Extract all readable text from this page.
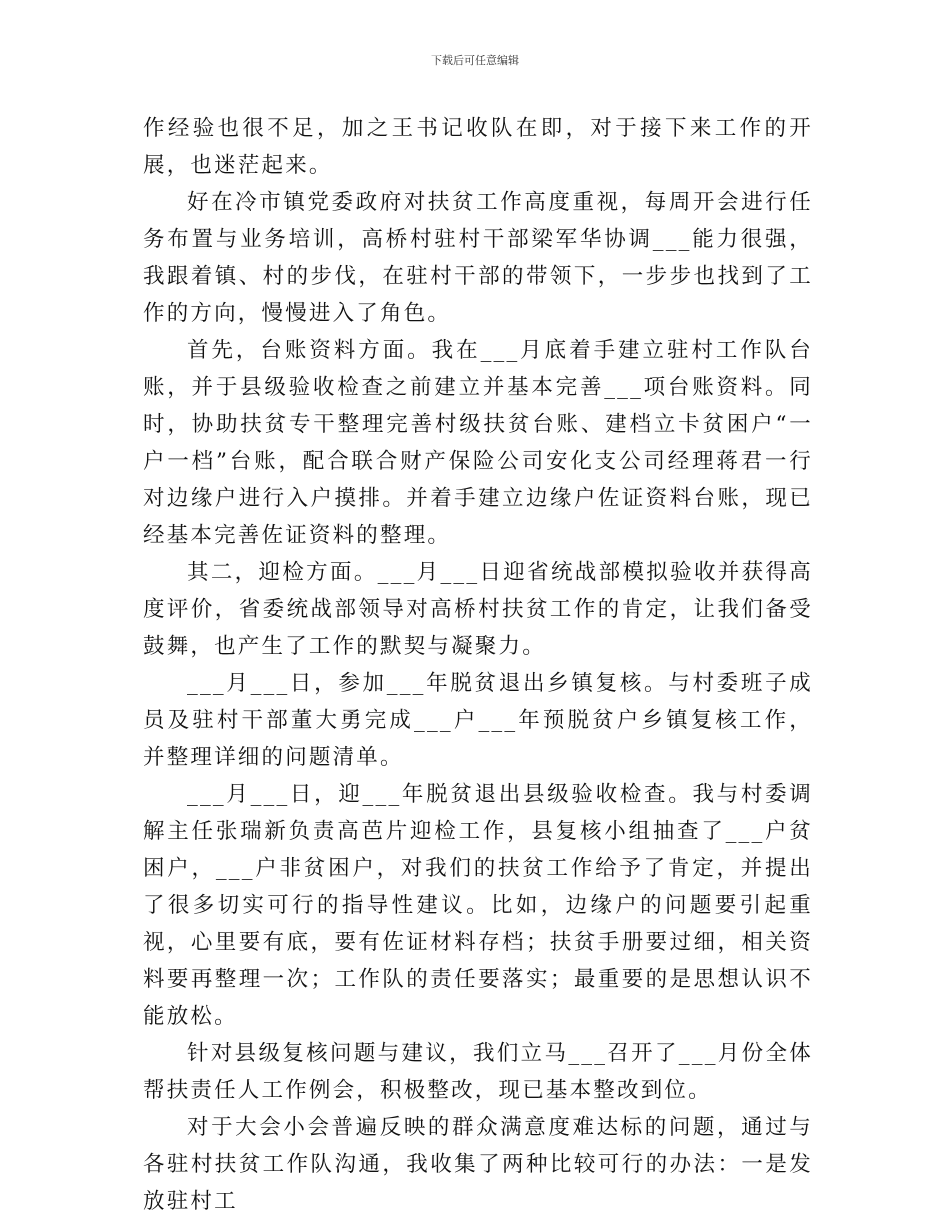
下载后可任意编辑

作经验也很不足，加之王书记收队在即，对于接下来工作的开展，也迷茫起来。

好在冷市镇党委政府对扶贫工作高度重视，每周开会进行任务布置与业务培训，高桥村驻村干部梁军华协调___能力很强，我跟着镇、村的步伐，在驻村干部的带领下，一步步也找到了工作的方向，慢慢进入了角色。

首先，台账资料方面。我在___月底着手建立驻村工作队台账，并于县级验收检查之前建立并基本完善___项台账资料。同时，协助扶贫专干整理完善村级扶贫台账、建档立卡贫困户“一户一档”台账，配合联合财产保险公司安化支公司经理蒋君一行对边缘户进行入户摸排。并着手建立边缘户佐证资料台账，现已经基本完善佐证资料的整理。

其二，迎检方面。___月___日迎省统战部模拟验收并获得高度评价，省委统战部领导对高桥村扶贫工作的肯定，让我们备受鼓舞，也产生了工作的默契与凝聚力。

___月___日，参加___年脱贫退出乡镇复核。与村委班子成员及驻村干部董大勇完成___户___年预脱贫户乡镇复核工作，并整理详细的问题清单。

___月___日，迎___年脱贫退出县级验收检查。我与村委调解主任张瑞新负责高芭片迎检工作，县复核小组抽查了___户贫困户，___户非贫困户，对我们的扶贫工作给予了肯定，并提出了很多切实可行的指导性建议。比如，边缘户的问题要引起重视，心里要有底，要有佐证材料存档；扶贫手册要过细，相关资料要再整理一次；工作队的责任要落实；最重要的是思想认识不能放松。

针对县级复核问题与建议，我们立马___召开了___月份全体帮扶责任人工作例会，积极整改，现已基本整改到位。

对于大会小会普遍反映的群众满意度难达标的问题，通过与各驻村扶贫工作队沟通，我收集了两种比较可行的办法：一是发放驻村工
